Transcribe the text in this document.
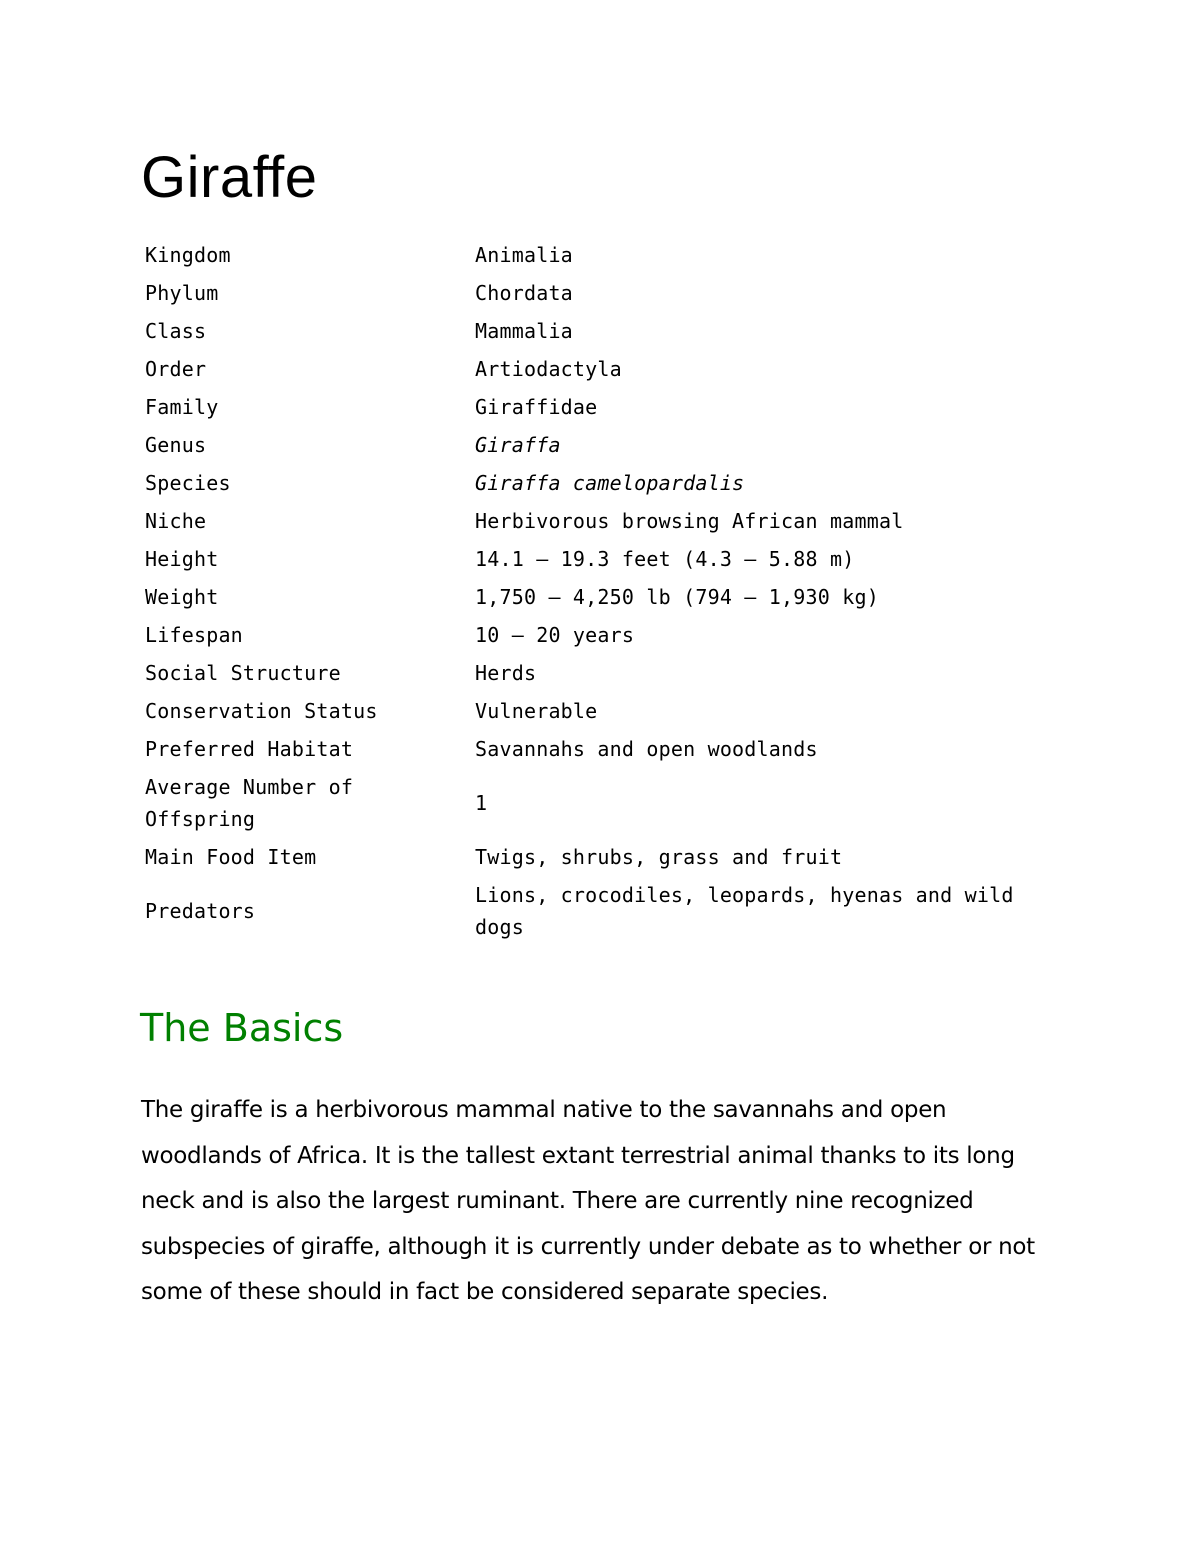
Giraffe
Kingdom	Animalia
Phylum	Chordata
Class	Mammalia
Order	Artiodactyla
Family	Giraffidae
Genus	Giraffa
Species	Giraffa camelopardalis
Niche	Herbivorous browsing African mammal
Height	14.1 – 19.3 feet (4.3 – 5.88 m)
Weight	1,750 – 4,250 lb (794 – 1,930 kg)
Lifespan	10 – 20 years
Social Structure	Herds
Conservation Status	Vulnerable
Preferred Habitat	Savannahs and open woodlands
Average Number of Offspring	1
Main Food Item	Twigs, shrubs, grass and fruit
Predators	Lions, crocodiles, leopards, hyenas and wild dogs
The Basics

The giraffe is a herbivorous mammal native to the savannahs and open woodlands of Africa. It is the tallest extant terrestrial animal thanks to its long neck and is also the largest ruminant. There are currently nine recognized subspecies of giraffe, although it is currently under debate as to whether or not some of these should in fact be considered separate species.
